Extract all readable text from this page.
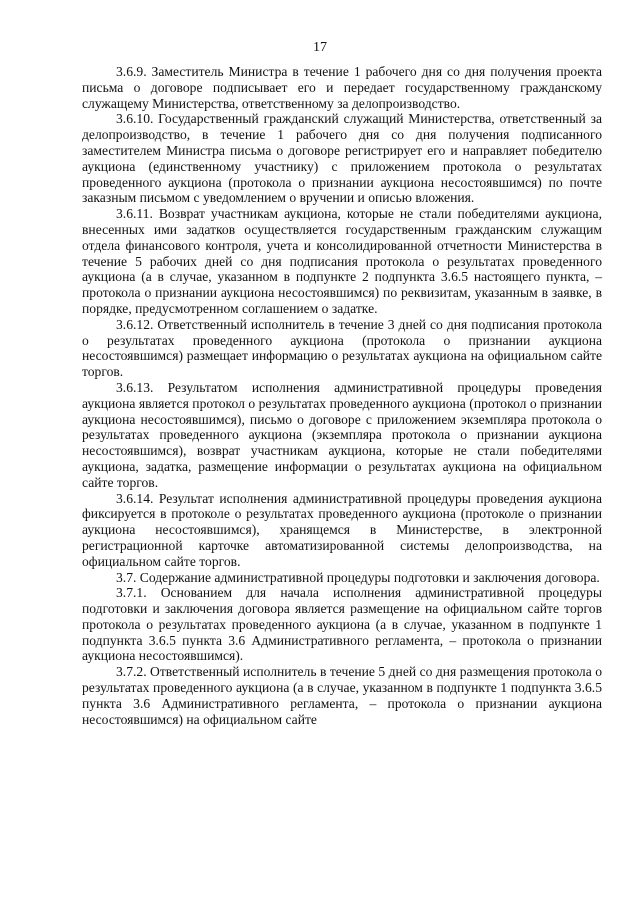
17

3.6.9. Заместитель Министра в течение 1 рабочего дня со дня получения проекта письма о договоре подписывает его и передает государственному гражданскому служащему Министерства, ответственному за делопроизводство.

3.6.10. Государственный гражданский служащий Министерства, ответственный за делопроизводство, в течение 1 рабочего дня со дня получения подписанного заместителем Министра письма о договоре регистрирует его и направляет победителю аукциона (единственному участнику) с приложением протокола о результатах проведенного аукциона (протокола о признании аукциона несостоявшимся) по почте заказным письмом с уведомлением о вручении и описью вложения.

3.6.11. Возврат участникам аукциона, которые не стали победителями аукциона, внесенных ими задатков осуществляется государственным гражданским служащим отдела финансового контроля, учета и консолидированной отчетности Министерства в течение 5 рабочих дней со дня подписания протокола о результатах проведенного аукциона (а в случае, указанном в подпункте 2 подпункта 3.6.5 настоящего пункта, – протокола о признании аукциона несостоявшимся) по реквизитам, указанным в заявке, в порядке, предусмотренном соглашением о задатке.

3.6.12. Ответственный исполнитель в течение 3 дней со дня подписания протокола о результатах проведенного аукциона (протокола о признании аукциона несостоявшимся) размещает информацию о результатах аукциона на официальном сайте торгов.

3.6.13. Результатом исполнения административной процедуры проведения аукциона является протокол о результатах проведенного аукциона (протокол о признании аукциона несостоявшимся), письмо о договоре с приложением экземпляра протокола о результатах проведенного аукциона (экземпляра протокола о признании аукциона несостоявшимся), возврат участникам аукциона, которые не стали победителями аукциона, задатка, размещение информации о результатах аукциона на официальном сайте торгов.

3.6.14. Результат исполнения административной процедуры проведения аукциона фиксируется в протоколе о результатах проведенного аукциона (протоколе о признании аукциона несостоявшимся), хранящемся в Министерстве, в электронной регистрационной карточке автоматизированной системы делопроизводства, на официальном сайте торгов.

3.7. Содержание административной процедуры подготовки и заключения договора.

3.7.1. Основанием для начала исполнения административной процедуры подготовки и заключения договора является размещение на официальном сайте торгов протокола о результатах проведенного аукциона (а в случае, указанном в подпункте 1 подпункта 3.6.5 пункта 3.6 Административного регламента, – протокола о признании аукциона несостоявшимся).

3.7.2. Ответственный исполнитель в течение 5 дней со дня размещения протокола о результатах проведенного аукциона (а в случае, указанном в подпункте 1 подпункта 3.6.5 пункта 3.6 Административного регламента, – протокола о признании аукциона несостоявшимся) на официальном сайте
